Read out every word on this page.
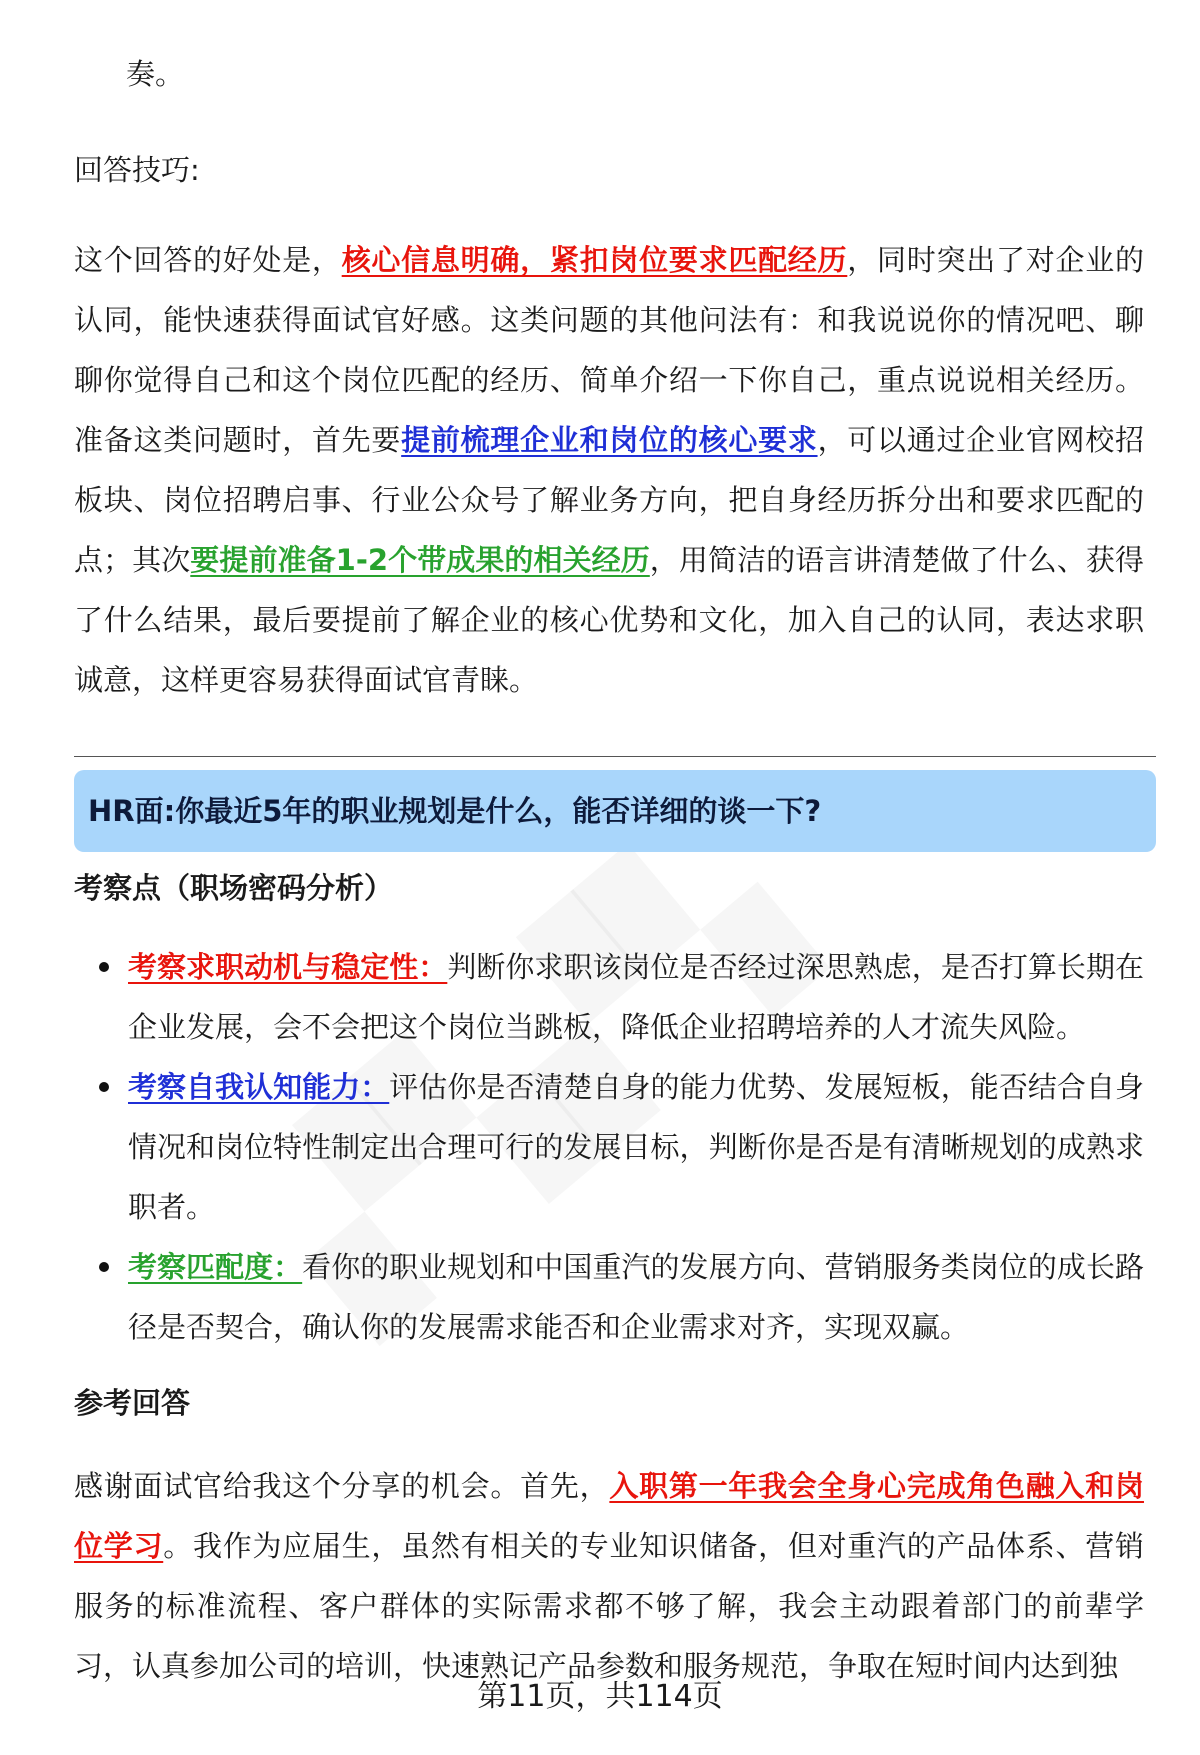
奏。

回答技巧:

这个回答的好处是，核心信息明确，紧扣岗位要求匹配经历，同时突出了对企业的认同，能快速获得面试官好感。这类问题的其他问法有：和我说说你的情况吧、聊聊你觉得自己和这个岗位匹配的经历、简单介绍一下你自己，重点说说相关经历。准备这类问题时，首先要提前梳理企业和岗位的核心要求，可以通过企业官网校招板块、岗位招聘启事、行业公众号了解业务方向，把自身经历拆分出和要求匹配的点；其次要提前准备1-2个带成果的相关经历，用简洁的语言讲清楚做了什么、获得了什么结果，最后要提前了解企业的核心优势和文化，加入自己的认同，表达求职诚意，这样更容易获得面试官青睐。

HR面:你最近5年的职业规划是什么，能否详细的谈一下?

考察点（职场密码分析）

考察求职动机与稳定性：判断你求职该岗位是否经过深思熟虑，是否打算长期在企业发展，会不会把这个岗位当跳板，降低企业招聘培养的人才流失风险。

考察自我认知能力：评估你是否清楚自身的能力优势、发展短板，能否结合自身情况和岗位特性制定出合理可行的发展目标，判断你是否是有清晰规划的成熟求职者。

考察匹配度：看你的职业规划和中国重汽的发展方向、营销服务类岗位的成长路径是否契合，确认你的发展需求能否和企业需求对齐，实现双赢。

参考回答

感谢面试官给我这个分享的机会。首先，入职第一年我会全身心完成角色融入和岗位学习。我作为应届生，虽然有相关的专业知识储备，但对重汽的产品体系、营销服务的标准流程、客户群体的实际需求都不够了解，我会主动跟着部门的前辈学习，认真参加公司的培训，快速熟记产品参数和服务规范，争取在短时间内达到独

第11页，共114页
